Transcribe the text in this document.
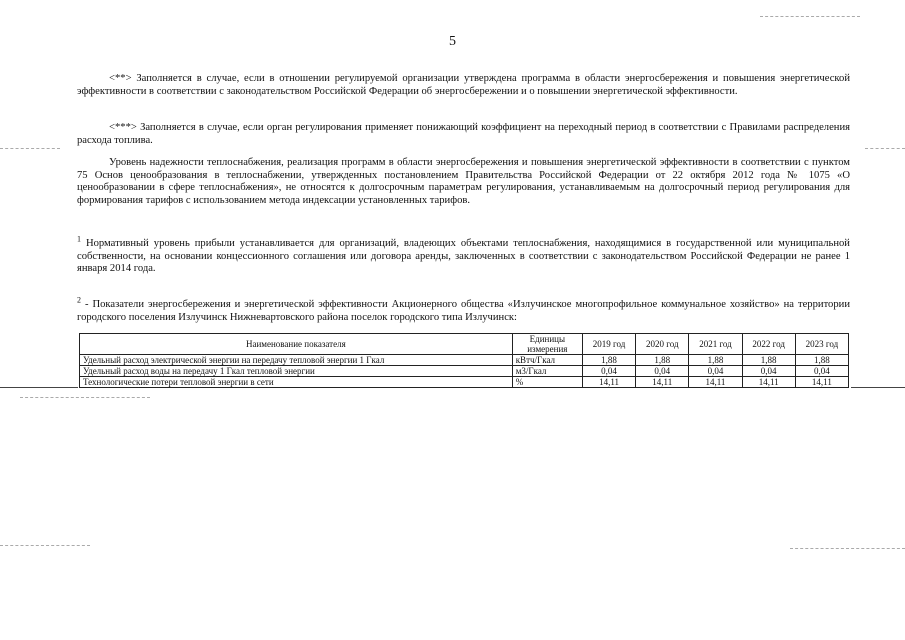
5

<**> Заполняется в случае, если в отношении регулируемой организации утверждена программа в области энергосбережения и повышения энергетической эффективности в соответствии с законодательством Российской Федерации об энергосбережении и о повышении энергетической эффективности.

<***> Заполняется в случае, если орган регулирования применяет понижающий коэффициент на переходный период в соответствии с Правилами распределения расхода топлива.

Уровень надежности теплоснабжения, реализация программ в области энергосбережения и повышения энергетической эффективности в соответствии с пунктом 75 Основ ценообразования в теплоснабжении, утвержденных постановлением Правительства Российской Федерации от 22 октября 2012 года № 1075 «О ценообразовании в сфере теплоснабжения», не относятся к долгосрочным параметрам регулирования, устанавливаемым на долгосрочный период регулирования для формирования тарифов с использованием метода индексации установленных тарифов.

$^1$ Нормативный уровень прибыли устанавливается для организаций, владеющих объектами теплоснабжения, находящимися в государственной или муниципальной собственности, на основании концессионного соглашения или договора аренды, заключенных в соответствии с законодательством Российской Федерации не ранее 1 января 2014 года.

$^2$ - Показатели энергосбережения и энергетической эффективности Акционерного общества «Излучинское многопрофильное коммунальное хозяйство» на территории городского поселения Излучинск Нижневартовского района поселок городского типа Излучинск:

Наименование показателя	Единицы измерения	2019 год	2020 год	2021 год	2022 год	2023 год
Удельный расход электрической энергии на передачу тепловой энергии 1 Гкал	кВтч/Гкал	1,88	1,88	1,88	1,88	1,88
Удельный расход воды на передачу 1 Гкал тепловой энергии	м3/Гкал	0,04	0,04	0,04	0,04	0,04
Технологические потери тепловой энергии в сети	%	14,11	14,11	14,11	14,11	14,11
